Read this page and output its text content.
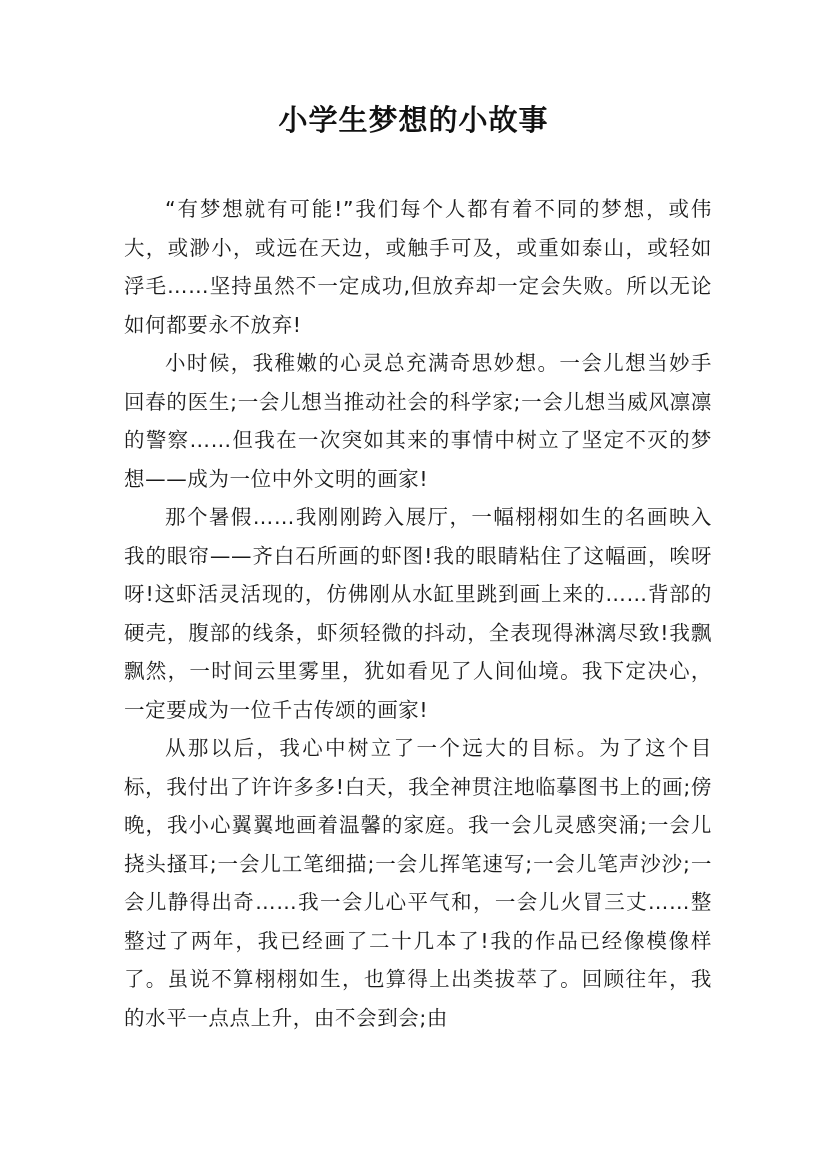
小学生梦想的小故事

“有梦想就有可能!”我们每个人都有着不同的梦想，或伟大，或渺小，或远在天边，或触手可及，或重如泰山，或轻如浮毛……坚持虽然不一定成功,但放弃却一定会失败。所以无论如何都要永不放弃!

小时候，我稚嫩的心灵总充满奇思妙想。一会儿想当妙手回春的医生;一会儿想当推动社会的科学家;一会儿想当威风凛凛的警察……但我在一次突如其来的事情中树立了坚定不灭的梦想——成为一位中外文明的画家!

那个暑假……我刚刚跨入展厅，一幅栩栩如生的名画映入我的眼帘——齐白石所画的虾图!我的眼睛粘住了这幅画，唉呀呀!这虾活灵活现的，仿佛刚从水缸里跳到画上来的……背部的硬壳，腹部的线条，虾须轻微的抖动，全表现得淋漓尽致!我飘飘然，一时间云里雾里，犹如看见了人间仙境。我下定决心，一定要成为一位千古传颂的画家!

从那以后，我心中树立了一个远大的目标。为了这个目标，我付出了许许多多!白天，我全神贯注地临摹图书上的画;傍晚，我小心翼翼地画着温馨的家庭。我一会儿灵感突涌;一会儿挠头搔耳;一会儿工笔细描;一会儿挥笔速写;一会儿笔声沙沙;一会儿静得出奇……我一会儿心平气和，一会儿火冒三丈……整整过了两年，我已经画了二十几本了!我的作品已经像模像样了。虽说不算栩栩如生，也算得上出类拔萃了。回顾往年，我的水平一点点上升，由不会到会;由
